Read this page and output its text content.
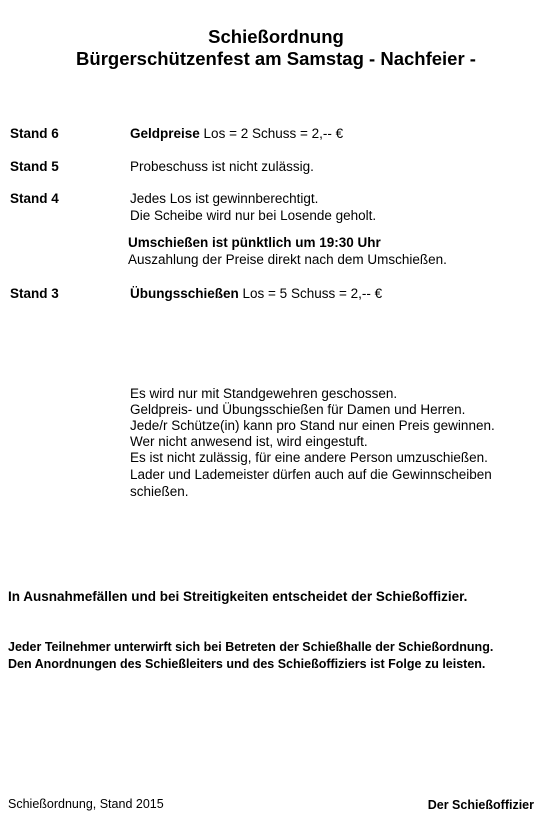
Schießordnung
Bürgerschützenfest am Samstag - Nachfeier -
Stand 6	Geldpreise Los = 2 Schuss = 2,-- €
Stand 5	Probeschuss ist nicht zulässig.
Stand 4	Jedes Los ist gewinnberechtigt.
Die Scheibe wird nur bei Losende geholt.
Umschießen ist pünktlich um 19:30 Uhr
Auszahlung der Preise direkt nach dem Umschießen.
Stand 3	Übungsschießen Los = 5 Schuss = 2,-- €
Es wird nur mit Standgewehren geschossen.
Geldpreis- und Übungsschießen für Damen und Herren.
Jede/r Schütze(in) kann pro Stand nur einen Preis gewinnen.
Wer nicht anwesend ist, wird eingestuft.
Es ist nicht zulässig, für eine andere Person umzuschießen.
Lader und Lademeister dürfen auch auf die Gewinnscheiben
schießen.
In Ausnahmefällen und bei Streitigkeiten entscheidet der Schießoffizier.
Jeder Teilnehmer unterwirft sich bei Betreten der Schießhalle der Schießordnung.
Den Anordnungen des Schießleiters und des Schießoffiziers ist Folge zu leisten.
Schießordnung, Stand 2015	Der Schießoffizier
